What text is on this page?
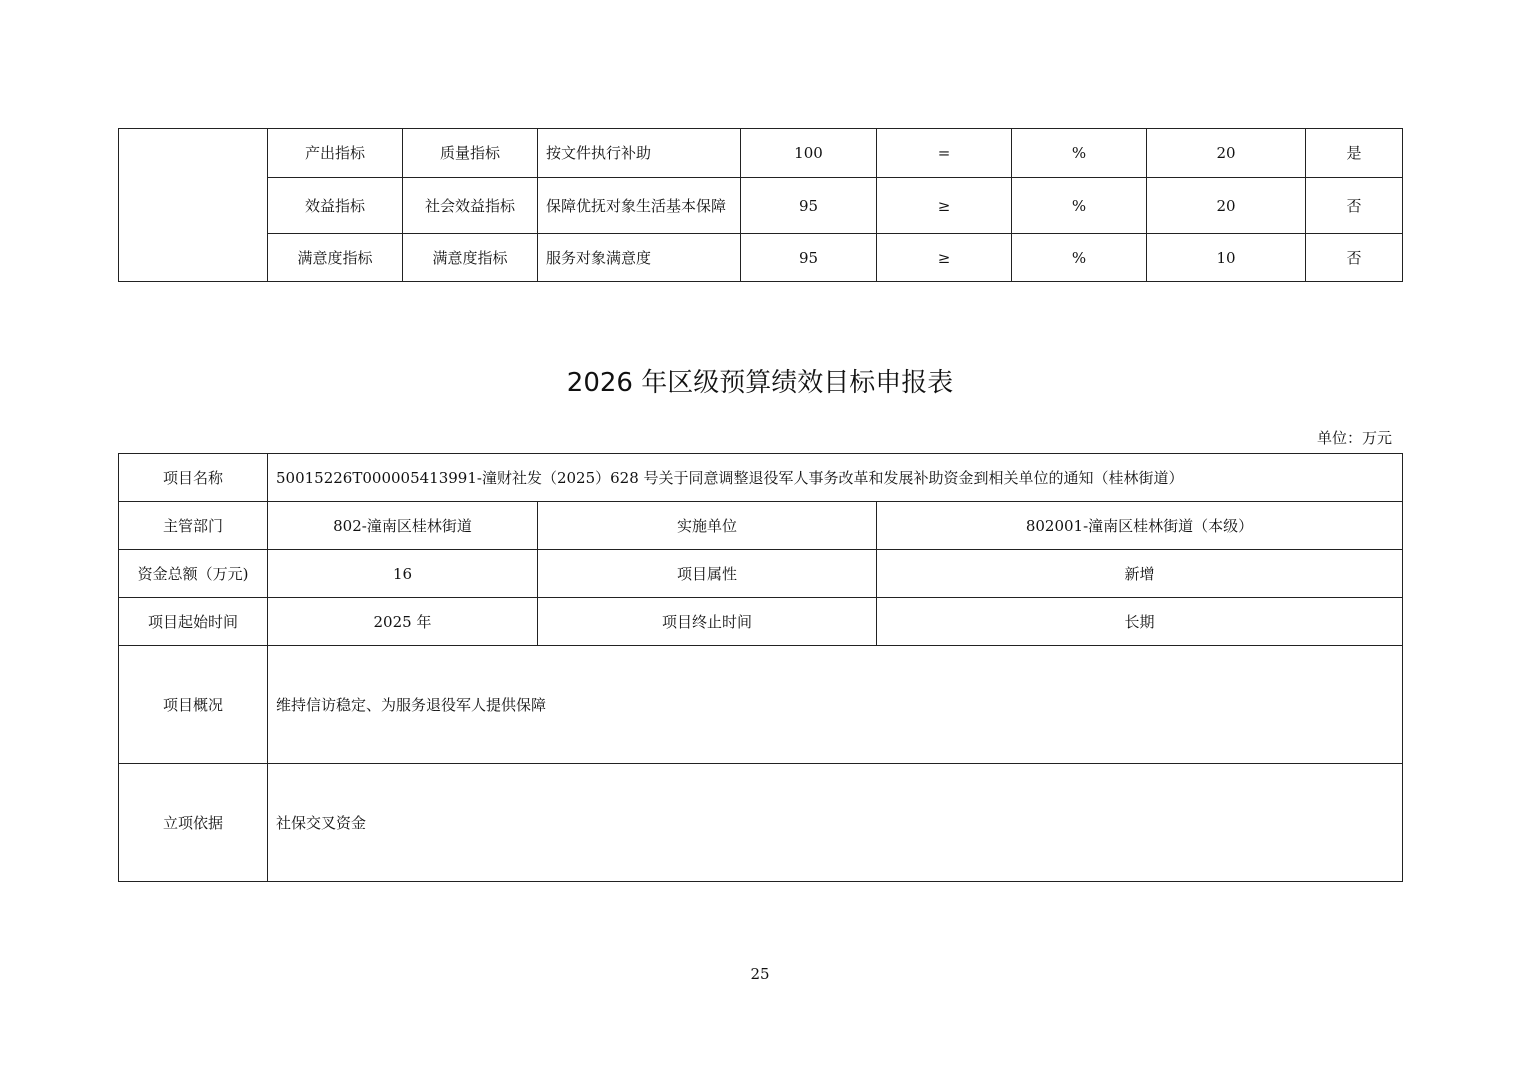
	产出指标	质量指标	按文件执行补助	100	=	%	20	是
	效益指标	社会效益指标	保障优抚对象生活基本保障	95	≥	%	20	否
	满意度指标	满意度指标	服务对象满意度	95	≥	%	10	否
2026 年区级预算绩效目标申报表
单位：万元
项目名称	50015226T000005413991-潼财社发（2025）628 号关于同意调整退役军人事务改革和发展补助资金到相关单位的通知（桂林街道）		
主管部门	802-潼南区桂林街道	实施单位	802001-潼南区桂林街道（本级）
资金总额（万元)	16	项目属性	新增
项目起始时间	2025 年	项目终止时间	长期
项目概况	维持信访稳定、为服务退役军人提供保障		
立项依据	社保交叉资金		
25
